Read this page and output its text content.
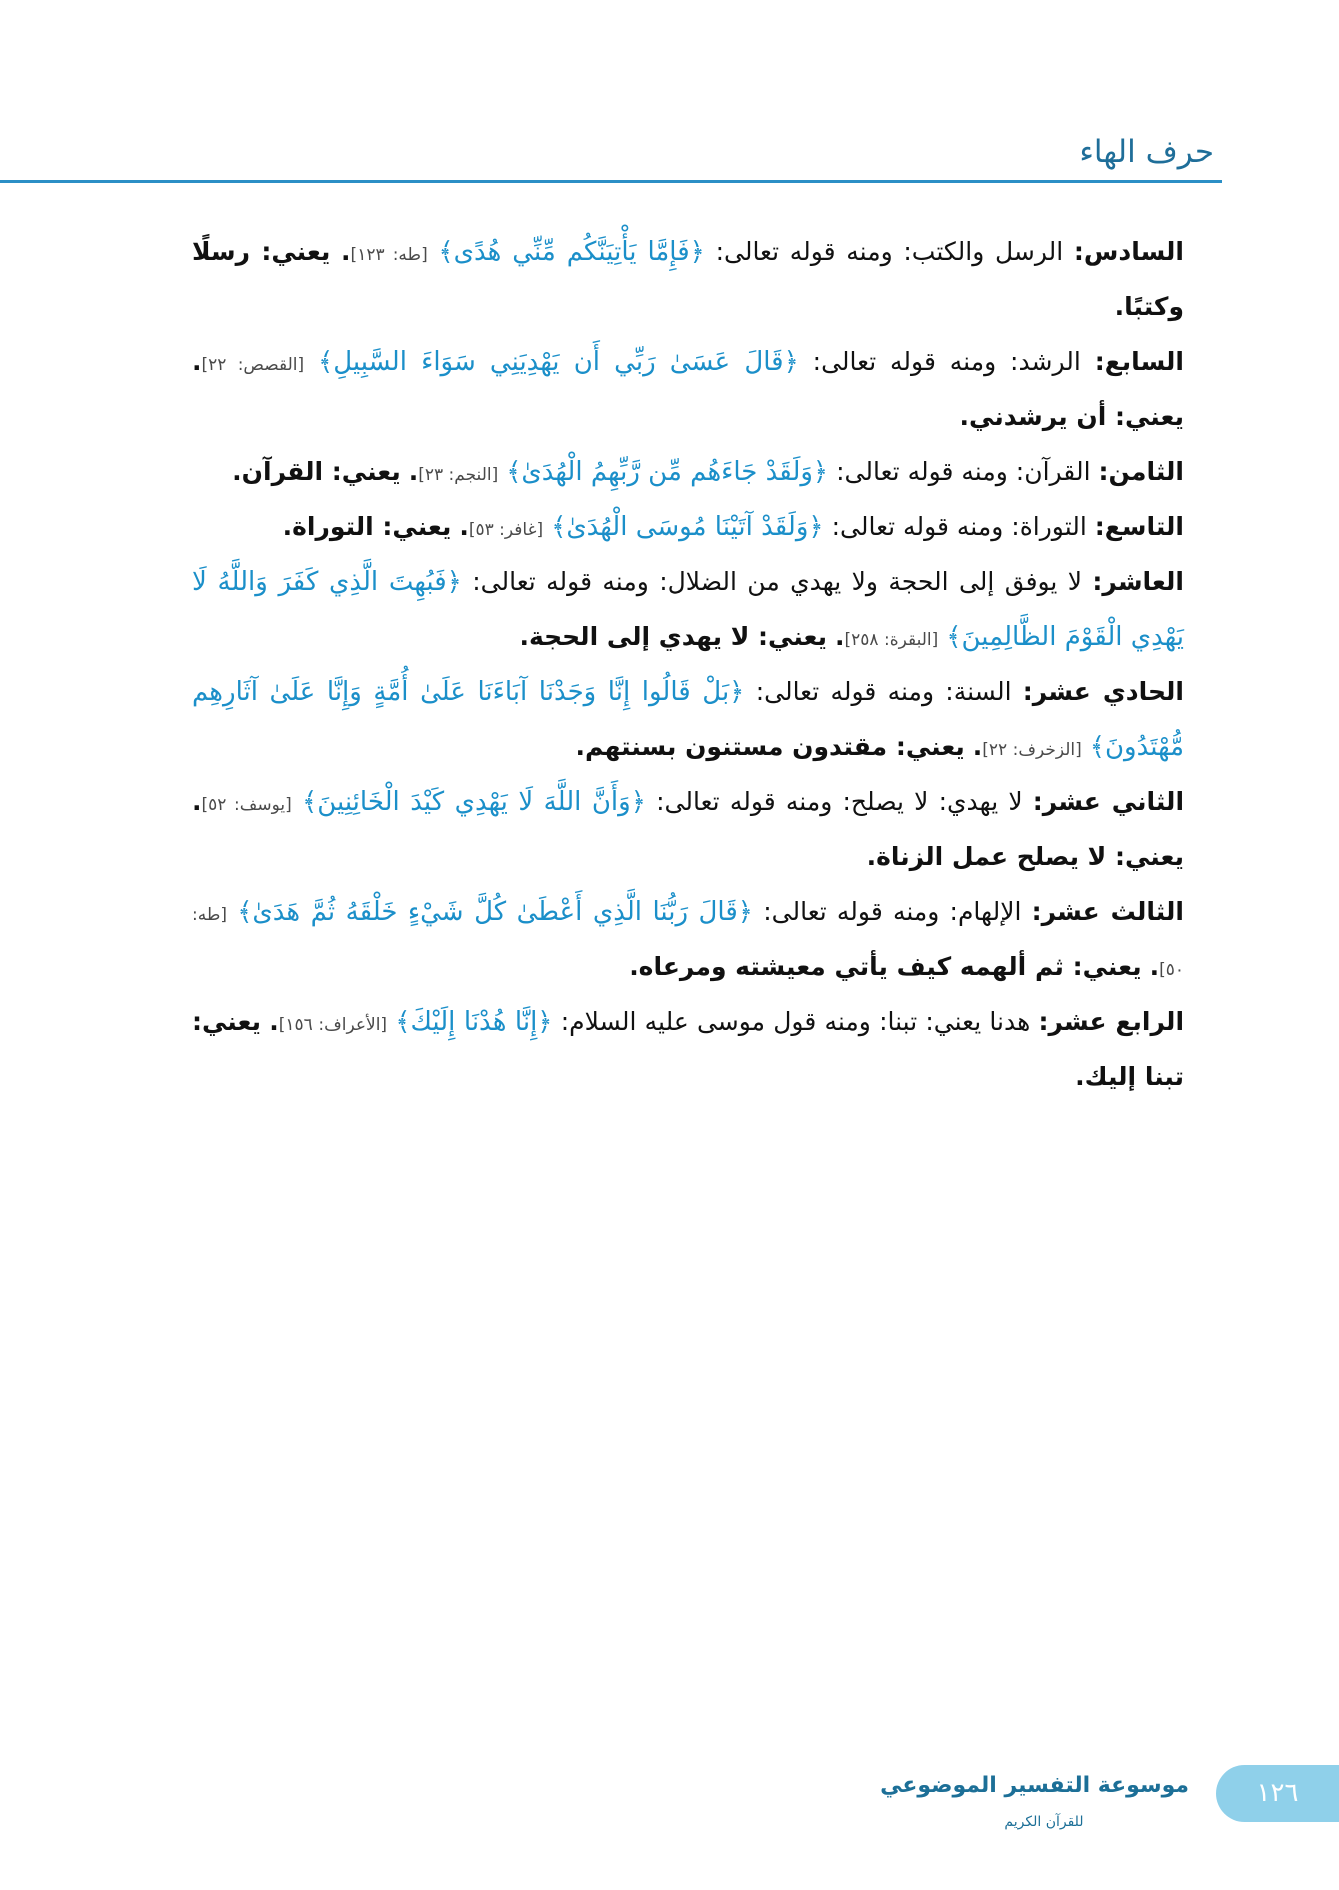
حرف الهاء

السادس: الرسل والكتب: ومنه قوله تعالى: ﴿فَإِمَّا يَأْتِيَنَّكُم مِّنِّي هُدًى﴾ [طه: ١٢٣]. يعني: رسلًا وكتبًا.

السابع: الرشد: ومنه قوله تعالى: ﴿قَالَ عَسَىٰ رَبِّي أَن يَهْدِيَنِي سَوَاءَ السَّبِيلِ﴾ [القصص: ٢٢]. يعني: أن يرشدني.

الثامن: القرآن: ومنه قوله تعالى: ﴿وَلَقَدْ جَاءَهُم مِّن رَّبِّهِمُ الْهُدَىٰ﴾ [النجم: ٢٣]. يعني: القرآن.

التاسع: التوراة: ومنه قوله تعالى: ﴿وَلَقَدْ آتَيْنَا مُوسَى الْهُدَىٰ﴾ [غافر: ٥٣]. يعني: التوراة.

العاشر: لا يوفق إلى الحجة ولا يهدي من الضلال: ومنه قوله تعالى: ﴿فَبُهِتَ الَّذِي كَفَرَ وَاللَّهُ لَا يَهْدِي الْقَوْمَ الظَّالِمِينَ﴾ [البقرة: ٢٥٨]. يعني: لا يهدي إلى الحجة.

الحادي عشر: السنة: ومنه قوله تعالى: ﴿بَلْ قَالُوا إِنَّا وَجَدْنَا آبَاءَنَا عَلَىٰ أُمَّةٍ وَإِنَّا عَلَىٰ آثَارِهِم مُّهْتَدُونَ﴾ [الزخرف: ٢٢]. يعني: مقتدون مستنون بسنتهم.

الثاني عشر: لا يهدي: لا يصلح: ومنه قوله تعالى: ﴿وَأَنَّ اللَّهَ لَا يَهْدِي كَيْدَ الْخَائِنِينَ﴾ [يوسف: ٥٢]. يعني: لا يصلح عمل الزناة.

الثالث عشر: الإلهام: ومنه قوله تعالى: ﴿قَالَ رَبُّنَا الَّذِي أَعْطَىٰ كُلَّ شَيْءٍ خَلْقَهُ ثُمَّ هَدَىٰ﴾ [طه: ٥٠]. يعني: ثم ألهمه كيف يأتي معيشته ومرعاه.

الرابع عشر: هدنا يعني: تبنا: ومنه قول موسى عليه السلام: ﴿إِنَّا هُدْنَا إِلَيْكَ﴾ [الأعراف: ١٥٦]. يعني: تبنا إليك.

موسوعة التفسير الموضوعي
للقرآن الكريم
١٢٦
